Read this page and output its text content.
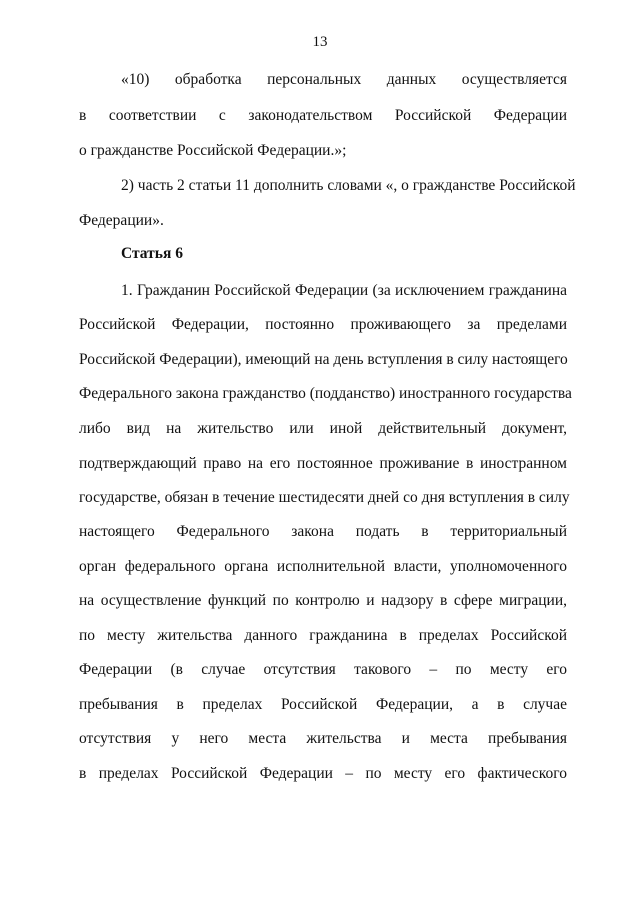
13
«10) обработка персональных данных осуществляется
в соответствии с законодательством Российской Федерации
о гражданстве Российской Федерации.»;
2) часть 2 статьи 11 дополнить словами «, о гражданстве Российской
Федерации».
Статья 6
1. Гражданин Российской Федерации (за исключением гражданина
Российской Федерации, постоянно проживающего за пределами
Российской Федерации), имеющий на день вступления в силу настоящего
Федерального закона гражданство (подданство) иностранного государства
либо вид на жительство или иной действительный документ,
подтверждающий право на его постоянное проживание в иностранном
государстве, обязан в течение шестидесяти дней со дня вступления в силу
настоящего Федерального закона подать в территориальный
орган федерального органа исполнительной власти, уполномоченного
на осуществление функций по контролю и надзору в сфере миграции,
по месту жительства данного гражданина в пределах Российской
Федерации (в случае отсутствия такового – по месту его
пребывания в пределах Российской Федерации, а в случае
отсутствия у него места жительства и места пребывания
в пределах Российской Федерации – по месту его фактического
